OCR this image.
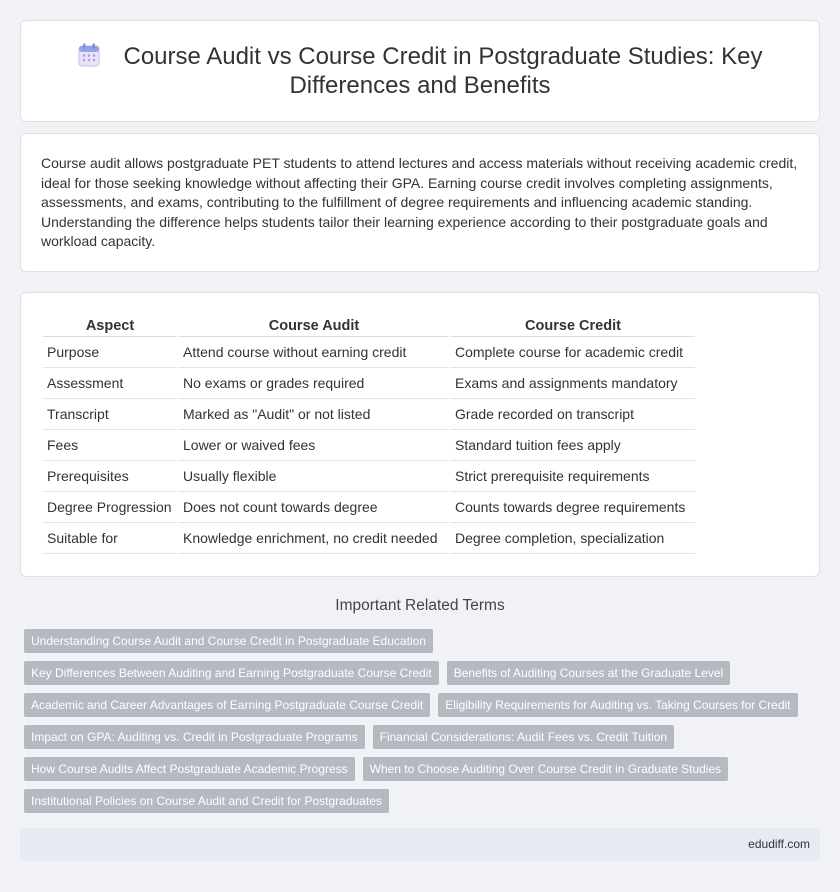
Course Audit vs Course Credit in Postgraduate Studies: Key Differences and Benefits

Course audit allows postgraduate PET students to attend lectures and access materials without receiving academic credit, ideal for those seeking knowledge without affecting their GPA. Earning course credit involves completing assignments, assessments, and exams, contributing to the fulfillment of degree requirements and influencing academic standing. Understanding the difference helps students tailor their learning experience according to their postgraduate goals and workload capacity.

Aspect	Course Audit	Course Credit
Purpose	Attend course without earning credit	Complete course for academic credit
Assessment	No exams or grades required	Exams and assignments mandatory
Transcript	Marked as "Audit" or not listed	Grade recorded on transcript
Fees	Lower or waived fees	Standard tuition fees apply
Prerequisites	Usually flexible	Strict prerequisite requirements
Degree Progression	Does not count towards degree	Counts towards degree requirements
Suitable for	Knowledge enrichment, no credit needed	Degree completion, specialization
Important Related Terms
Understanding Course Audit and Course Credit in Postgraduate Education
Key Differences Between Auditing and Earning Postgraduate Course Credit	Benefits of Auditing Courses at the Graduate Level
Academic and Career Advantages of Earning Postgraduate Course Credit	Eligibility Requirements for Auditing vs. Taking Courses for Credit
Impact on GPA: Auditing vs. Credit in Postgraduate Programs	Financial Considerations: Audit Fees vs. Credit Tuition
How Course Audits Affect Postgraduate Academic Progress	When to Choose Auditing Over Course Credit in Graduate Studies
Institutional Policies on Course Audit and Credit for Postgraduates
edudiff.com
